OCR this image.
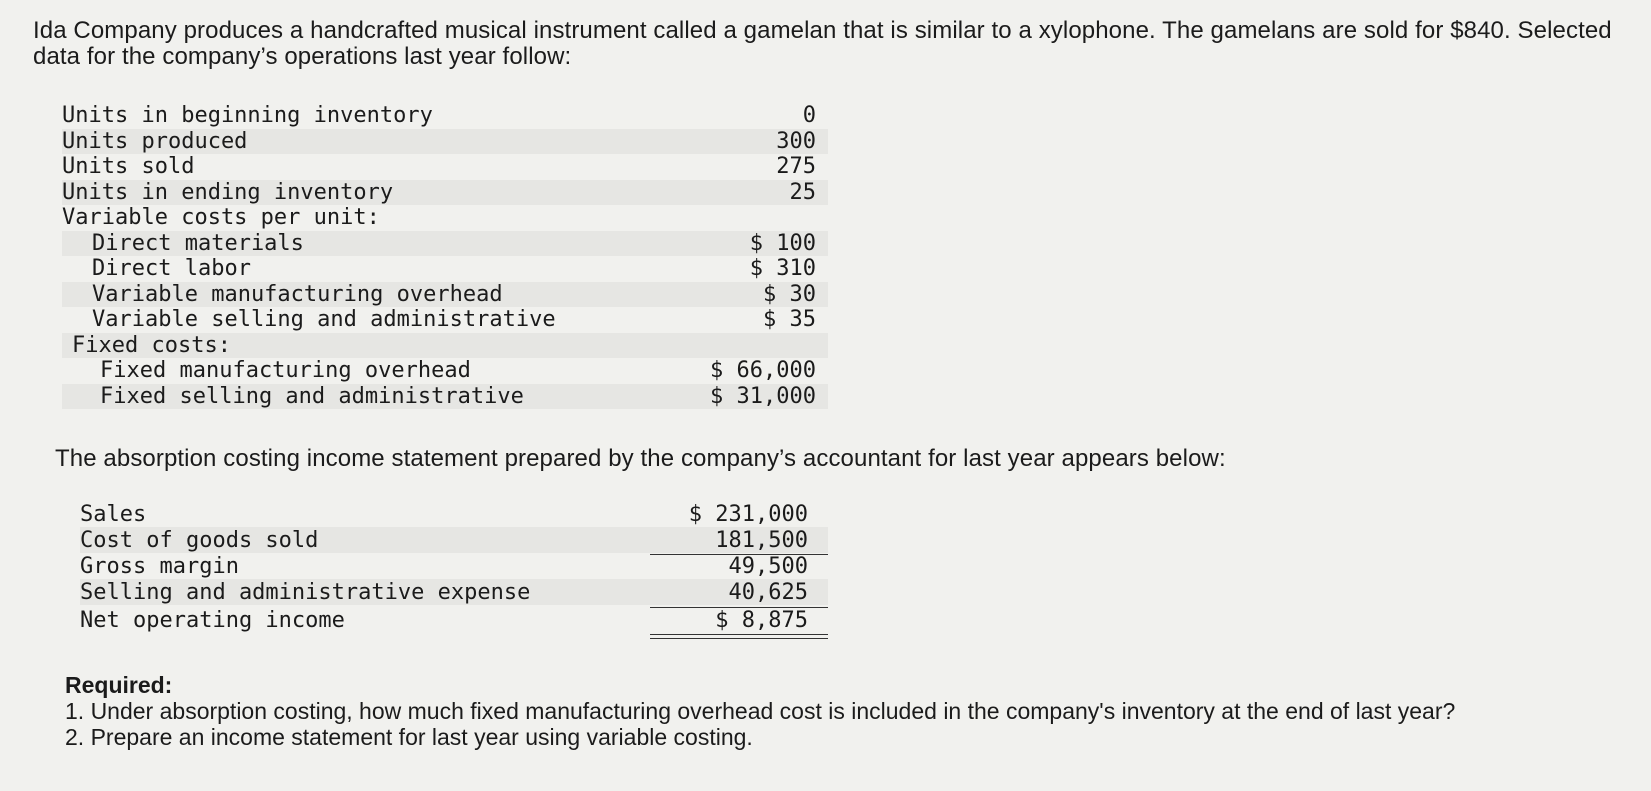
Ida Company produces a handcrafted musical instrument called a gamelan that is similar to a xylophone. The gamelans are sold for $840. Selected data for the company’s operations last year follow:
Units in beginning inventory	0
Units produced	300
Units sold	275
Units in ending inventory	25
Variable costs per unit:
Direct materials	$ 100
Direct labor	$ 310
Variable manufacturing overhead	$ 30
Variable selling and administrative	$ 35
Fixed costs:
Fixed manufacturing overhead	$ 66,000
Fixed selling and administrative	$ 31,000
The absorption costing income statement prepared by the company’s accountant for last year appears below:
Sales	$ 231,000
Cost of goods sold	181,500
Gross margin	49,500
Selling and administrative expense	40,625
Net operating income	$ 8,875
Required:
1. Under absorption costing, how much fixed manufacturing overhead cost is included in the company's inventory at the end of last year?
2. Prepare an income statement for last year using variable costing.
